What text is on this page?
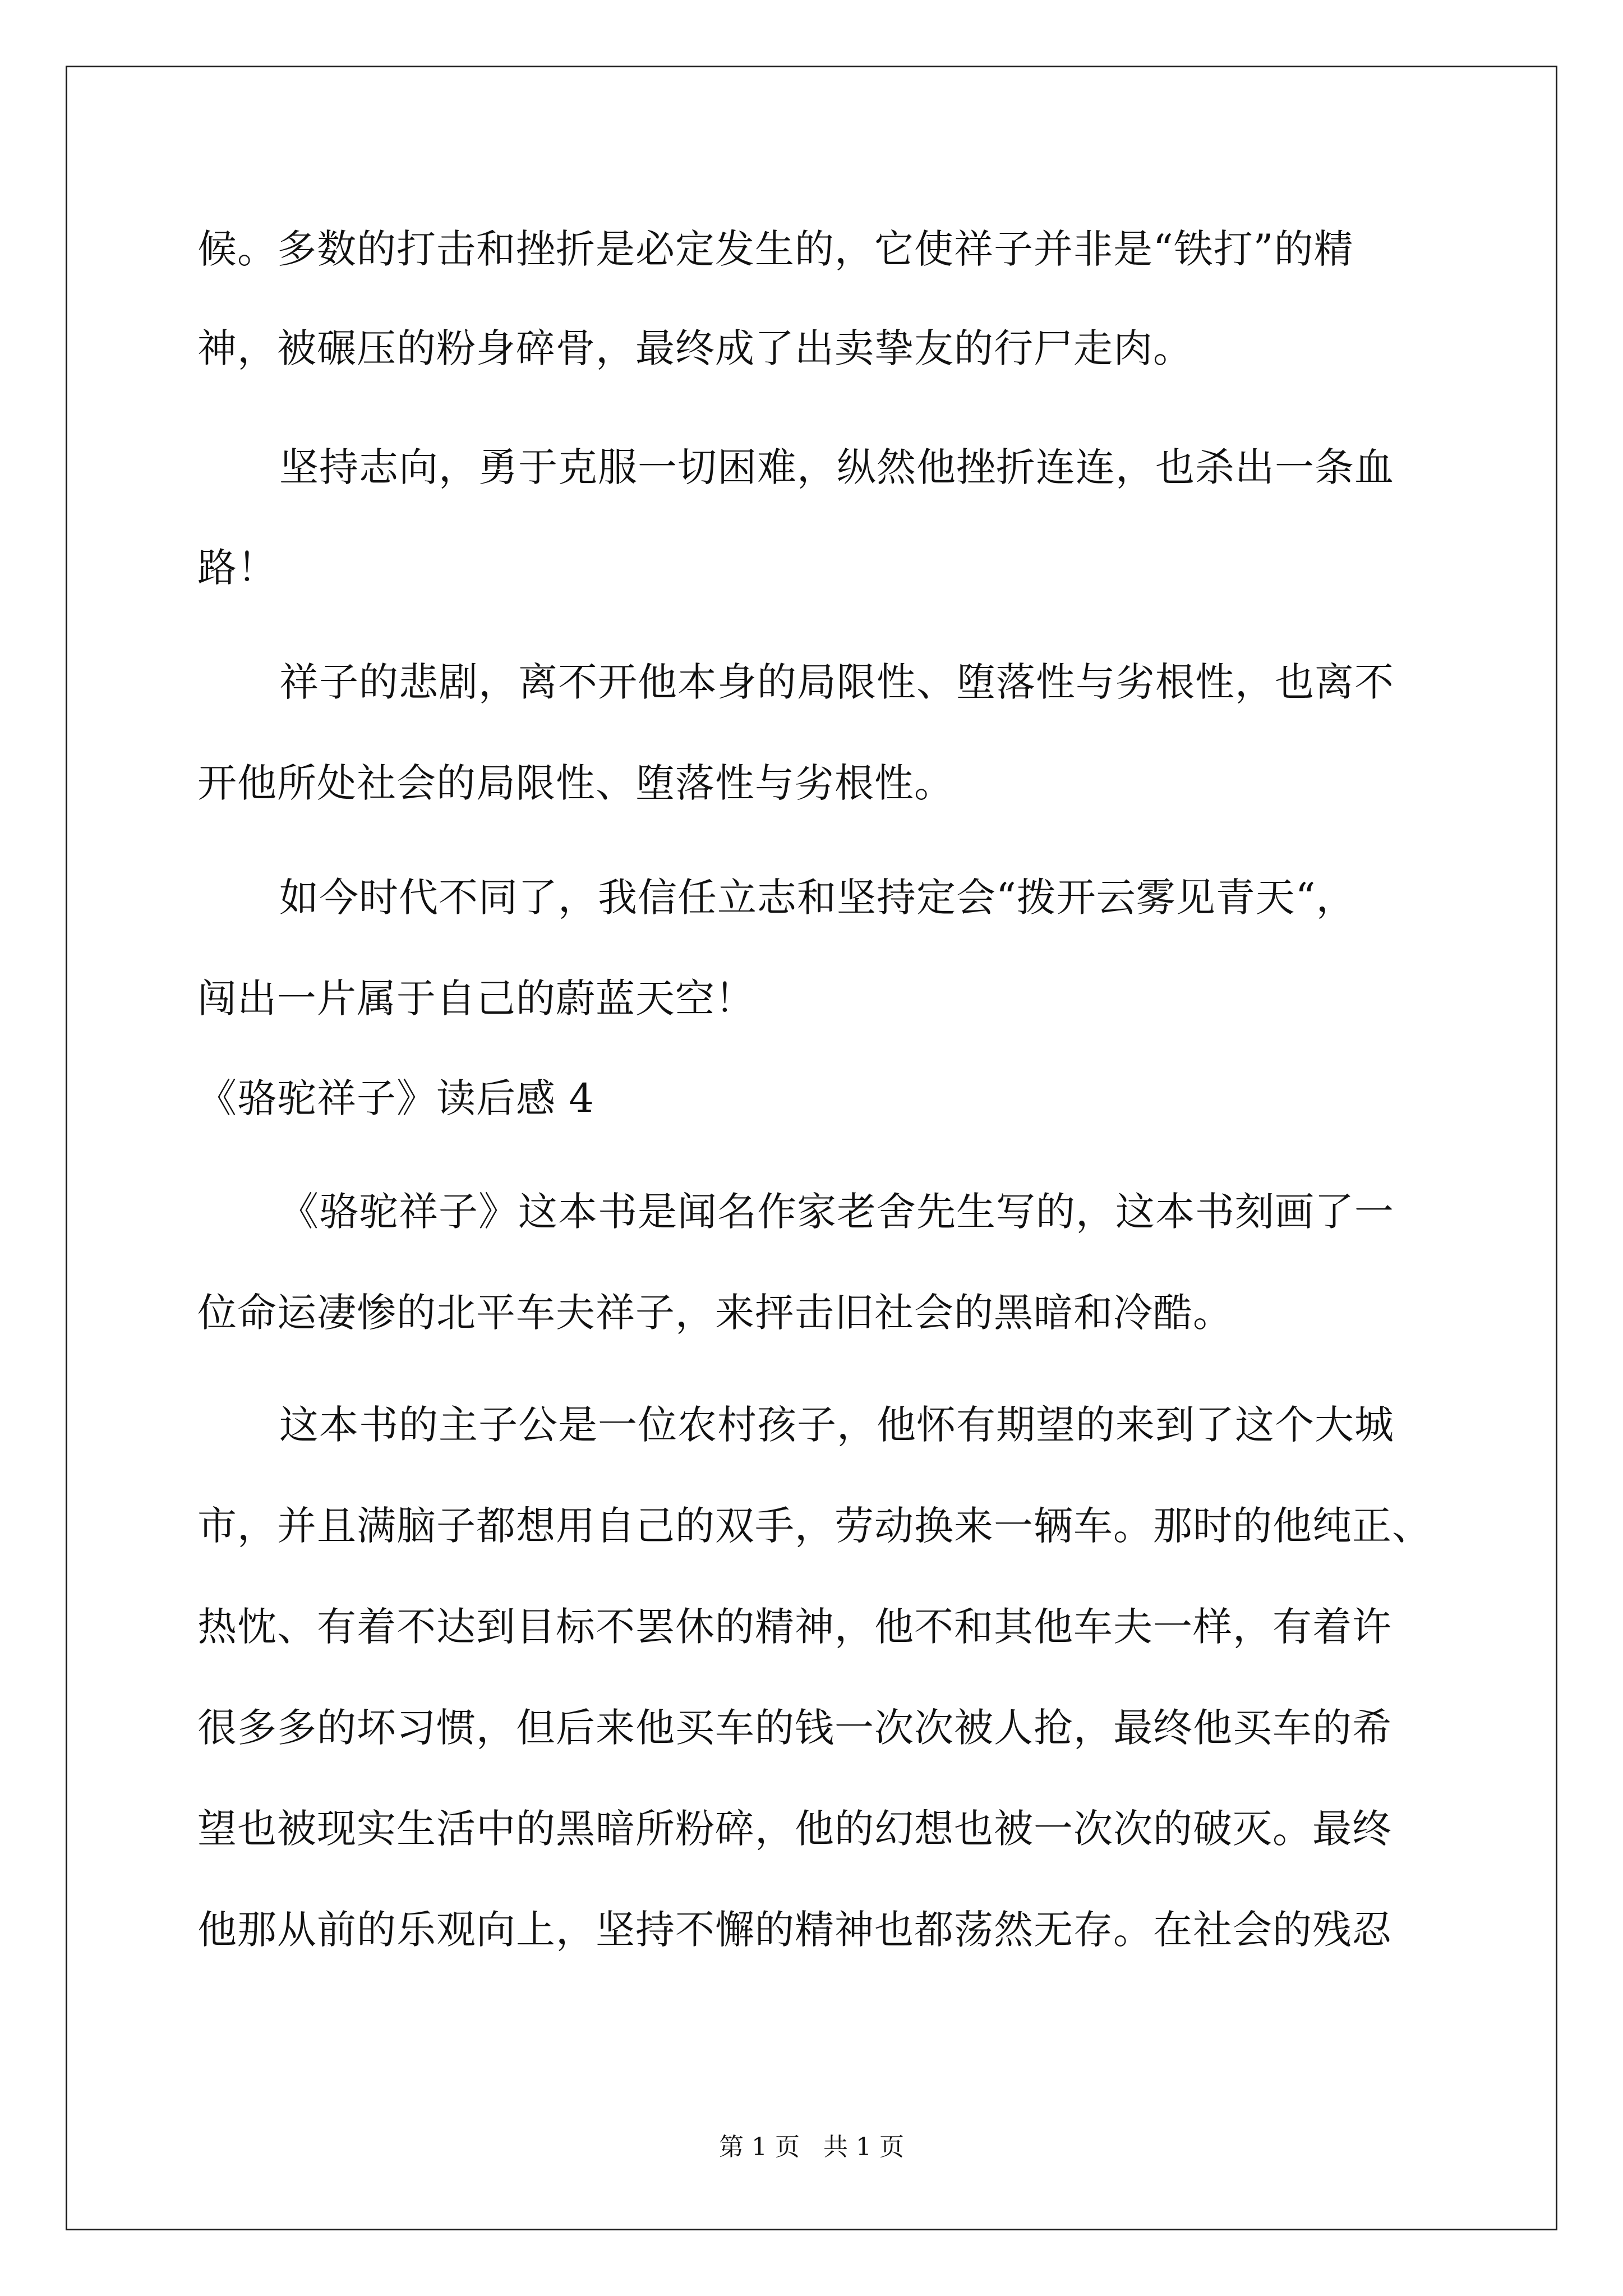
候。多数的打击和挫折是必定发生的，它使祥子并非是“铁打”的精
神，被碾压的粉身碎骨，最终成了出卖挚友的行尸走肉。
坚持志向，勇于克服一切困难，纵然他挫折连连，也杀出一条血
路！
祥子的悲剧，离不开他本身的局限性、堕落性与劣根性，也离不
开他所处社会的局限性、堕落性与劣根性。
如今时代不同了，我信任立志和坚持定会“拨开云雾见青天“，
闯出一片属于自己的蔚蓝天空！
《骆驼祥子》读后感 4
《骆驼祥子》这本书是闻名作家老舍先生写的，这本书刻画了一
位命运凄惨的北平车夫祥子，来抨击旧社会的黑暗和冷酷。
这本书的主子公是一位农村孩子，他怀有期望的来到了这个大城
市，并且满脑子都想用自己的双手，劳动换来一辆车。那时的他纯正、
热忱、有着不达到目标不罢休的精神，他不和其他车夫一样，有着许
很多多的坏习惯，但后来他买车的钱一次次被人抢，最终他买车的希
望也被现实生活中的黑暗所粉碎，他的幻想也被一次次的破灭。最终
他那从前的乐观向上，坚持不懈的精神也都荡然无存。在社会的残忍
第 1 页   共 1 页
